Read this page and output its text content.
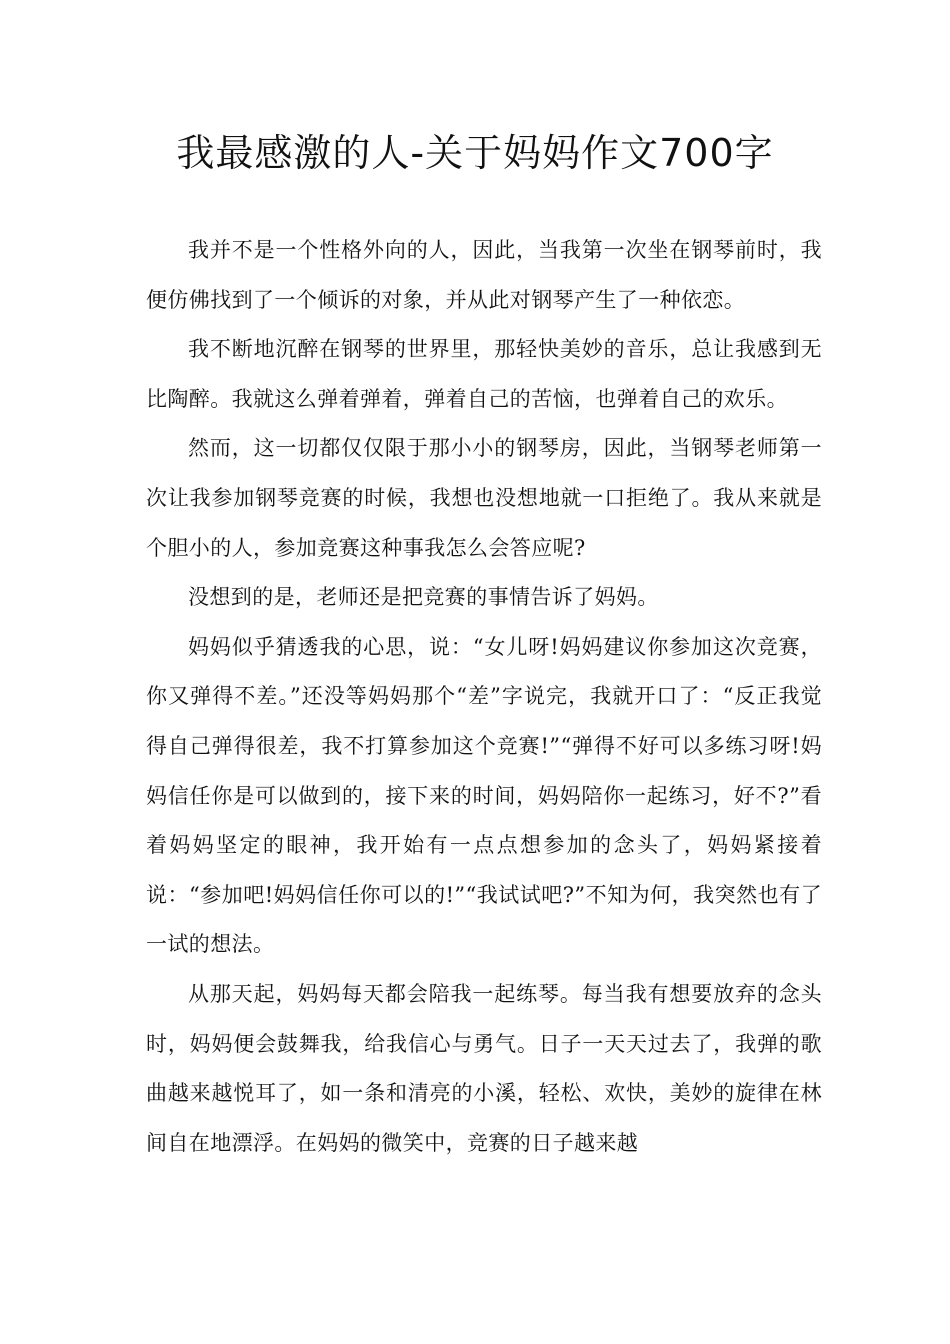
我最感激的人-关于妈妈作文700字

我并不是一个性格外向的人，因此，当我第一次坐在钢琴前时，我便仿佛找到了一个倾诉的对象，并从此对钢琴产生了一种依恋。

我不断地沉醉在钢琴的世界里，那轻快美妙的音乐，总让我感到无比陶醉。我就这么弹着弹着，弹着自己的苦恼，也弹着自己的欢乐。

然而，这一切都仅仅限于那小小的钢琴房，因此，当钢琴老师第一次让我参加钢琴竞赛的时候，我想也没想地就一口拒绝了。我从来就是个胆小的人，参加竞赛这种事我怎么会答应呢?

没想到的是，老师还是把竞赛的事情告诉了妈妈。

妈妈似乎猜透我的心思，说：“女儿呀!妈妈建议你参加这次竞赛，你又弹得不差。”还没等妈妈那个“差”字说完，我就开口了：“反正我觉得自己弹得很差，我不打算参加这个竞赛!”“弹得不好可以多练习呀!妈妈信任你是可以做到的，接下来的时间，妈妈陪你一起练习，好不?”看着妈妈坚定的眼神，我开始有一点点想参加的念头了，妈妈紧接着说：“参加吧!妈妈信任你可以的!”“我试试吧?”不知为何，我突然也有了一试的想法。

从那天起，妈妈每天都会陪我一起练琴。每当我有想要放弃的念头时，妈妈便会鼓舞我，给我信心与勇气。日子一天天过去了，我弹的歌曲越来越悦耳了，如一条和清亮的小溪，轻松、欢快，美妙的旋律在林间自在地漂浮。在妈妈的微笑中，竞赛的日子越来越
